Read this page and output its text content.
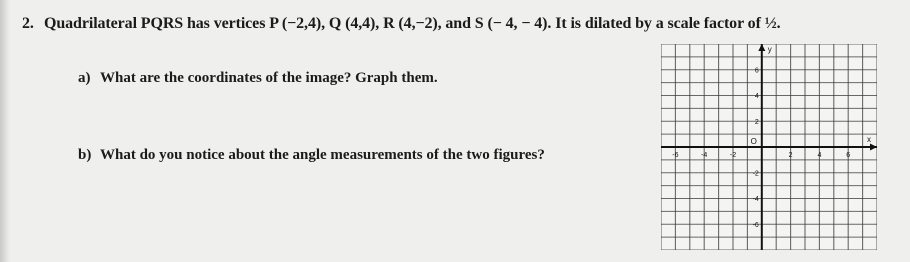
2. Quadrilateral PQRS has vertices P (−2,4), Q (4,4), R (4,−2), and S (− 4, − 4). It is dilated by a scale factor of ½.
a) What are the coordinates of the image? Graph them.
b) What do you notice about the angle measurements of the two figures?	-6	-4	-2	2	4	6
6
4
2
-2
-4
-6
O	x
y
